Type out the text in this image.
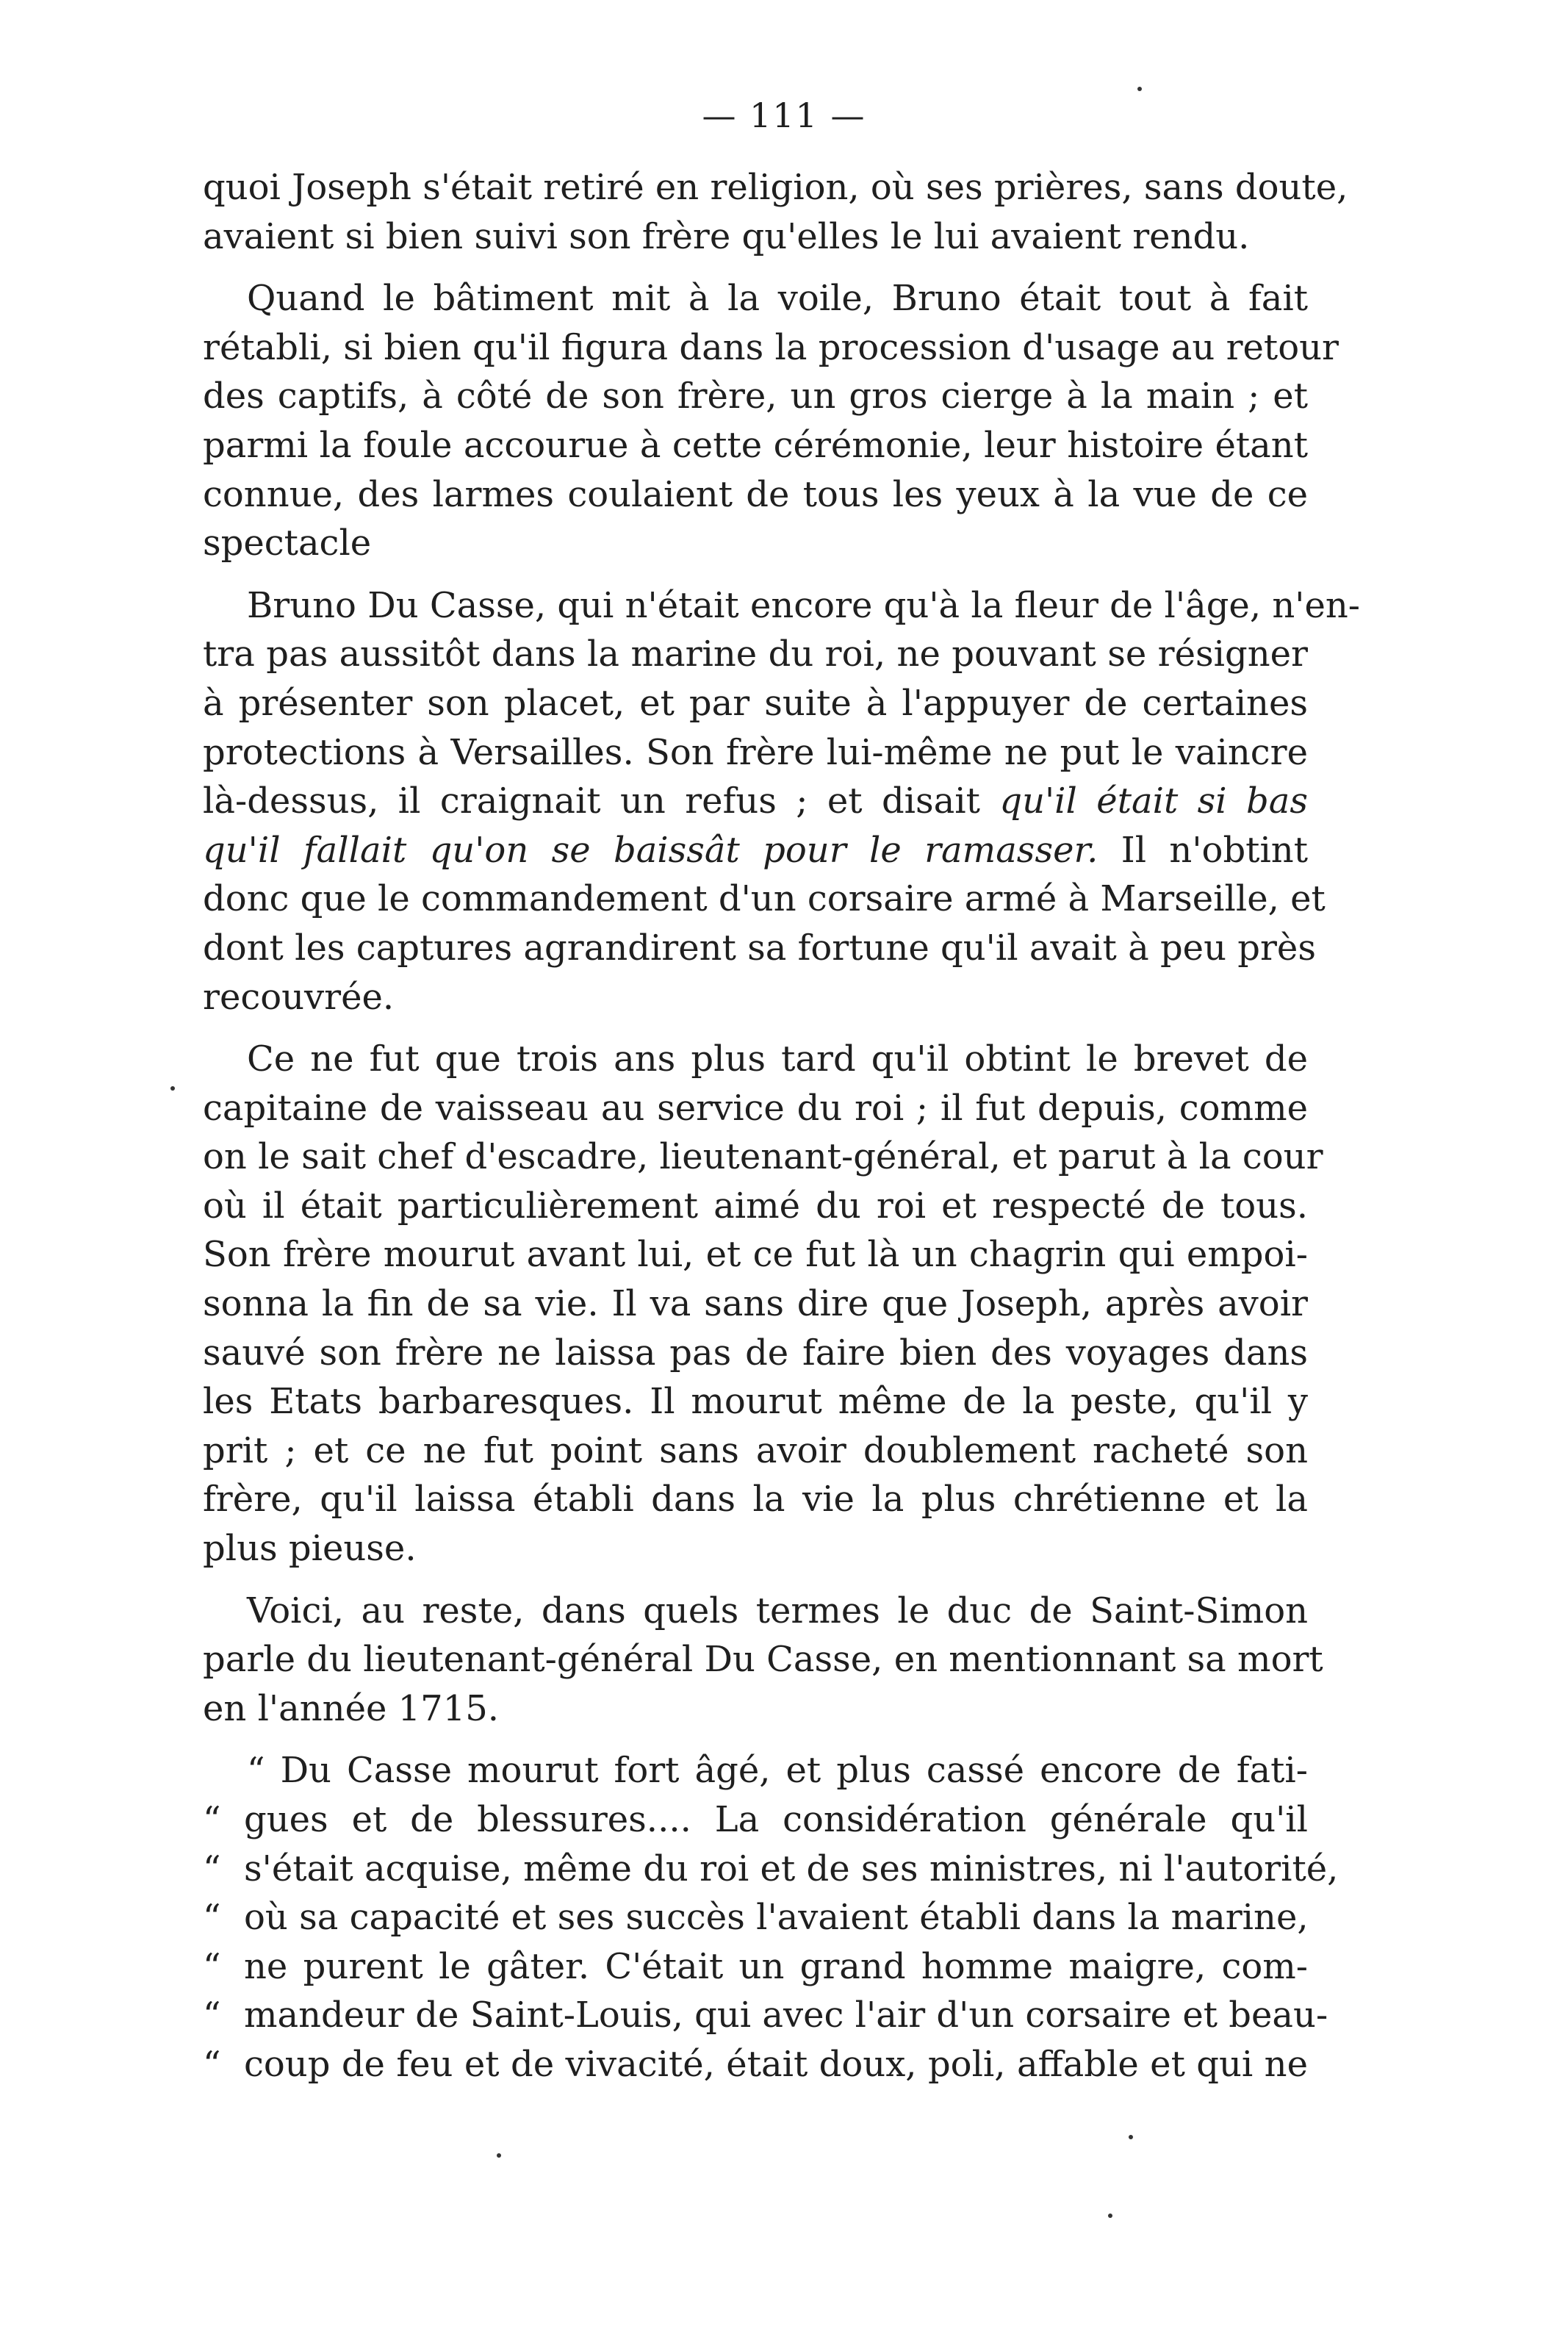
— 111 —

quoi Joseph s'était retiré en religion, où ses prières, sans doute,
avaient si bien suivi son frère qu'elles le lui avaient rendu.

Quand le bâtiment mit à la voile, Bruno était tout à fait
rétabli, si bien qu'il figura dans la procession d'usage au retour
des captifs, à côté de son frère, un gros cierge à la main ; et
parmi la foule accourue à cette cérémonie, leur histoire étant
connue, des larmes coulaient de tous les yeux à la vue de ce
spectacle

Bruno Du Casse, qui n'était encore qu'à la fleur de l'âge, n'en-
tra pas aussitôt dans la marine du roi, ne pouvant se résigner
à présenter son placet, et par suite à l'appuyer de certaines
protections à Versailles. Son frère lui-même ne put le vaincre
là-dessus, il craignait un refus ; et disait qu'il était si bas
qu'il fallait qu'on se baissât pour le ramasser. Il n'obtint
donc que le commandement d'un corsaire armé à Marseille, et
dont les captures agrandirent sa fortune qu'il avait à peu près
recouvrée.

Ce ne fut que trois ans plus tard qu'il obtint le brevet de
capitaine de vaisseau au service du roi ; il fut depuis, comme
on le sait chef d'escadre, lieutenant-général, et parut à la cour
où il était particulièrement aimé du roi et respecté de tous.
Son frère mourut avant lui, et ce fut là un chagrin qui empoi-
sonna la fin de sa vie. Il va sans dire que Joseph, après avoir
sauvé son frère ne laissa pas de faire bien des voyages dans
les Etats barbaresques. Il mourut même de la peste, qu'il y
prit ; et ce ne fut point sans avoir doublement racheté son
frère, qu'il laissa établi dans la vie la plus chrétienne et la
plus pieuse.

Voici, au reste, dans quels termes le duc de Saint-Simon
parle du lieutenant-général Du Casse, en mentionnant sa mort
en l'année 1715.

“ Du Casse mourut fort âgé, et plus cassé encore de fati-
“ gues et de blessures.... La considération générale qu'il
“ s'était acquise, même du roi et de ses ministres, ni l'autorité,
“ où sa capacité et ses succès l'avaient établi dans la marine,
“ ne purent le gâter. C'était un grand homme maigre, com-
“ mandeur de Saint-Louis, qui avec l'air d'un corsaire et beau-
“ coup de feu et de vivacité, était doux, poli, affable et qui ne
